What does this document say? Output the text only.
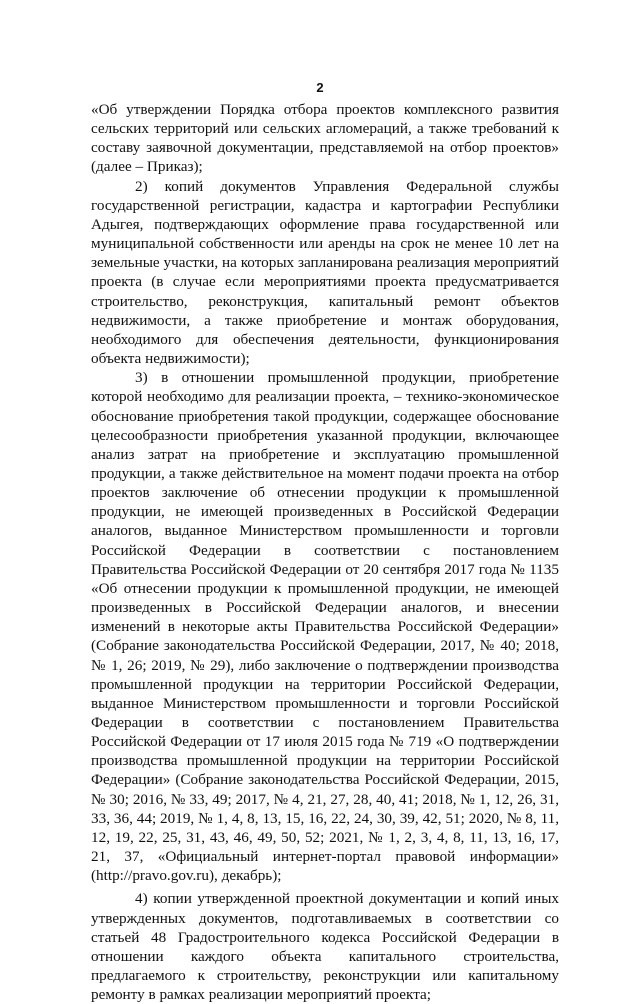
2

«Об утверждении Порядка отбора проектов комплексного развития сельских территорий или сельских агломераций, а также требований к составу заявочной документации, представляемой на отбор проектов» (далее – Приказ);

2) копий документов Управления Федеральной службы государственной регистрации, кадастра и картографии Республики Адыгея, подтверждающих оформление права государственной или муниципальной собственности или аренды на срок не менее 10 лет на земельные участки, на которых запланирована реализация мероприятий проекта (в случае если мероприятиями проекта предусматривается строительство, реконструкция, капитальный ремонт объектов недвижимости, а также приобретение и монтаж оборудования, необходимого для обеспечения деятельности, функционирования объекта недвижимости);

3) в отношении промышленной продукции, приобретение которой необходимо для реализации проекта, – технико-экономическое обоснование приобретения такой продукции, содержащее обоснование целесообразности приобретения указанной продукции, включающее анализ затрат на приобретение и эксплуатацию промышленной продукции, а также действительное на момент подачи проекта на отбор проектов заключение об отнесении продукции к промышленной продукции, не имеющей произведенных в Российской Федерации аналогов, выданное Министерством промышленности и торговли Российской Федерации в соответствии с постановлением Правительства Российской Федерации от 20 сентября 2017 года № 1135 «Об отнесении продукции к промышленной продукции, не имеющей произведенных в Российской Федерации аналогов, и внесении изменений в некоторые акты Правительства Российской Федерации» (Собрание законодательства Российской Федерации, 2017, № 40; 2018, № 1, 26; 2019, № 29), либо заключение о подтверждении производства промышленной продукции на территории Российской Федерации, выданное Министерством промышленности и торговли Российской Федерации в соответствии с постановлением Правительства Российской Федерации от 17 июля 2015 года № 719 «О подтверждении производства промышленной продукции на территории Российской Федерации» (Собрание законодательства Российской Федерации, 2015, № 30; 2016, № 33, 49; 2017, № 4, 21, 27, 28, 40, 41; 2018, № 1, 12, 26, 31, 33, 36, 44; 2019, № 1, 4, 8, 13, 15, 16, 22, 24, 30, 39, 42, 51; 2020, № 8, 11, 12, 19, 22, 25, 31, 43, 46, 49, 50, 52; 2021, № 1, 2, 3, 4, 8, 11, 13, 16, 17, 21, 37, «Официальный интернет-портал правовой информации» (http://pravo.gov.ru), декабрь);

4) копии утвержденной проектной документации и копий иных утвержденных документов, подготавливаемых в соответствии со статьей 48 Градостроительного кодекса Российской Федерации в отношении каждого объекта капитального строительства, предлагаемого к строительству, реконструкции или капитальному ремонту в рамках реализации мероприятий проекта;
